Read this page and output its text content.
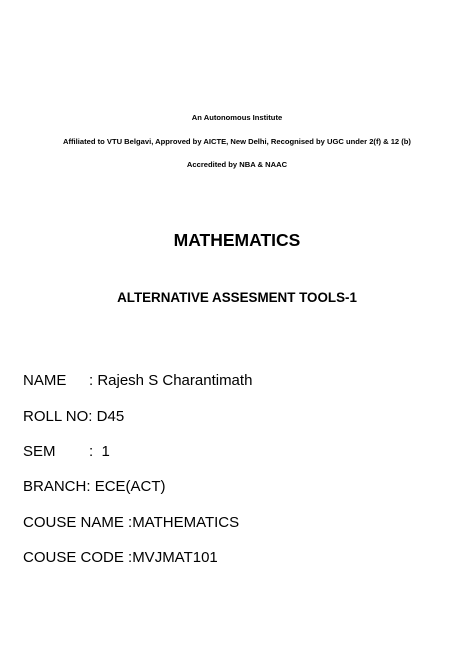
An Autonomous Institute
Affiliated to VTU Belgavi, Approved by AICTE, New Delhi, Recognised by UGC under 2(f) & 12 (b)
Accredited by NBA & NAAC
MATHEMATICS
ALTERNATIVE ASSESMENT TOOLS-1
NAME : Rajesh S Charantimath
ROLL NO: D45
SEM :  1
BRANCH: ECE(ACT)
COUSE NAME :MATHEMATICS
COUSE CODE :MVJMAT101
